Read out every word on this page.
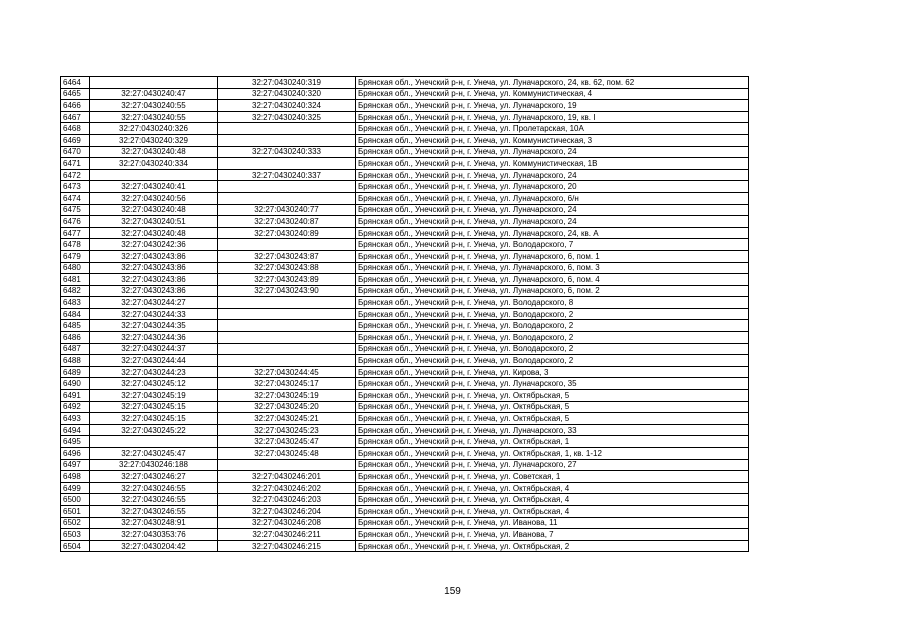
6464		32:27:0430240:319	Брянская обл., Унечский р-н, г. Унеча, ул. Луначарского, 24, кв. 62, пом. 62
6465	32:27:0430240:47	32:27:0430240:320	Брянская обл., Унечский р-н, г. Унеча, ул. Коммунистическая, 4
6466	32:27:0430240:55	32:27:0430240:324	Брянская обл., Унечский р-н, г. Унеча, ул. Луначарского, 19
6467	32:27:0430240:55	32:27:0430240:325	Брянская обл., Унечский р-н, г. Унеча, ул. Луначарского, 19, кв. I
6468	32:27:0430240:326		Брянская обл., Унечский р-н, г. Унеча, ул. Пролетарская, 10А
6469	32:27:0430240:329		Брянская обл., Унечский р-н, г. Унеча, ул. Коммунистическая, 3
6470	32:27:0430240:48	32:27:0430240:333	Брянская обл., Унечский р-н, г. Унеча, ул. Луначарского, 24
6471	32:27:0430240:334		Брянская обл., Унечский р-н, г. Унеча, ул. Коммунистическая, 1В
6472		32:27:0430240:337	Брянская обл., Унечский р-н, г. Унеча, ул. Луначарского, 24
6473	32:27:0430240:41		Брянская обл., Унечский р-н, г. Унеча, ул. Луначарского, 20
6474	32:27:0430240:56		Брянская обл., Унечский р-н, г. Унеча, ул. Луначарского, 6/н
6475	32:27:0430240:48	32:27:0430240:77	Брянская обл., Унечский р-н, г. Унеча, ул. Луначарского, 24
6476	32:27:0430240:51	32:27:0430240:87	Брянская обл., Унечский р-н, г. Унеча, ул. Луначарского, 24
6477	32:27:0430240:48	32:27:0430240:89	Брянская обл., Унечский р-н, г. Унеча, ул. Луначарского, 24, кв. А
6478	32:27:0430242:36		Брянская обл., Унечский р-н, г. Унеча, ул. Володарского, 7
6479	32:27:0430243:86	32:27:0430243:87	Брянская обл., Унечский р-н, г. Унеча, ул. Луначарского, 6, пом. 1
6480	32:27:0430243:86	32:27:0430243:88	Брянская обл., Унечский р-н, г. Унеча, ул. Луначарского, 6, пом. 3
6481	32:27:0430243:86	32:27:0430243:89	Брянская обл., Унечский р-н, г. Унеча, ул. Луначарского, 6, пом. 4
6482	32:27:0430243:86	32:27:0430243:90	Брянская обл., Унечский р-н, г. Унеча, ул. Луначарского, 6, пом. 2
6483	32:27:0430244:27		Брянская обл., Унечский р-н, г. Унеча, ул. Володарского, 8
6484	32:27:0430244:33		Брянская обл., Унечский р-н, г. Унеча, ул. Володарского, 2
6485	32:27:0430244:35		Брянская обл., Унечский р-н, г. Унеча, ул. Володарского, 2
6486	32:27:0430244:36		Брянская обл., Унечский р-н, г. Унеча, ул. Володарского, 2
6487	32:27:0430244:37		Брянская обл., Унечский р-н, г. Унеча, ул. Володарского, 2
6488	32:27:0430244:44		Брянская обл., Унечский р-н, г. Унеча, ул. Володарского, 2
6489	32:27:0430244:23	32:27:0430244:45	Брянская обл., Унечский р-н, г. Унеча, ул. Кирова, 3
6490	32:27:0430245:12	32:27:0430245:17	Брянская обл., Унечский р-н, г. Унеча, ул. Луначарского, 35
6491	32:27:0430245:19	32:27:0430245:19	Брянская обл., Унечский р-н, г. Унеча, ул. Октябрьская, 5
6492	32:27:0430245:15	32:27:0430245:20	Брянская обл., Унечский р-н, г. Унеча, ул. Октябрьская, 5
6493	32:27:0430245:15	32:27:0430245:21	Брянская обл., Унечский р-н, г. Унеча, ул. Октябрьская, 5
6494	32:27:0430245:22	32:27:0430245:23	Брянская обл., Унечский р-н, г. Унеча, ул. Луначарского, 33
6495		32:27:0430245:47	Брянская обл., Унечский р-н, г. Унеча, ул. Октябрьская, 1
6496	32:27:0430245:47	32:27:0430245:48	Брянская обл., Унечский р-н, г. Унеча, ул. Октябрьская, 1, кв. 1-12
6497	32:27:0430246:188		Брянская обл., Унечский р-н, г. Унеча, ул. Луначарского, 27
6498	32:27:0430246:27	32:27:0430246:201	Брянская обл., Унечский р-н, г. Унеча, ул. Советская, 1
6499	32:27:0430246:55	32:27:0430246:202	Брянская обл., Унечский р-н, г. Унеча, ул. Октябрьская, 4
6500	32:27:0430246:55	32:27:0430246:203	Брянская обл., Унечский р-н, г. Унеча, ул. Октябрьская, 4
6501	32:27:0430246:55	32:27:0430246:204	Брянская обл., Унечский р-н, г. Унеча, ул. Октябрьская, 4
6502	32:27:0430248:91	32:27:0430246:208	Брянская обл., Унечский р-н, г. Унеча, ул. Иванова, 11
6503	32:27:0430353:76	32:27:0430246:211	Брянская обл., Унечский р-н, г. Унеча, ул. Иванова, 7
6504	32:27:0430204:42	32:27:0430246:215	Брянская обл., Унечский р-н, г. Унеча, ул. Октябрьская, 2
159
